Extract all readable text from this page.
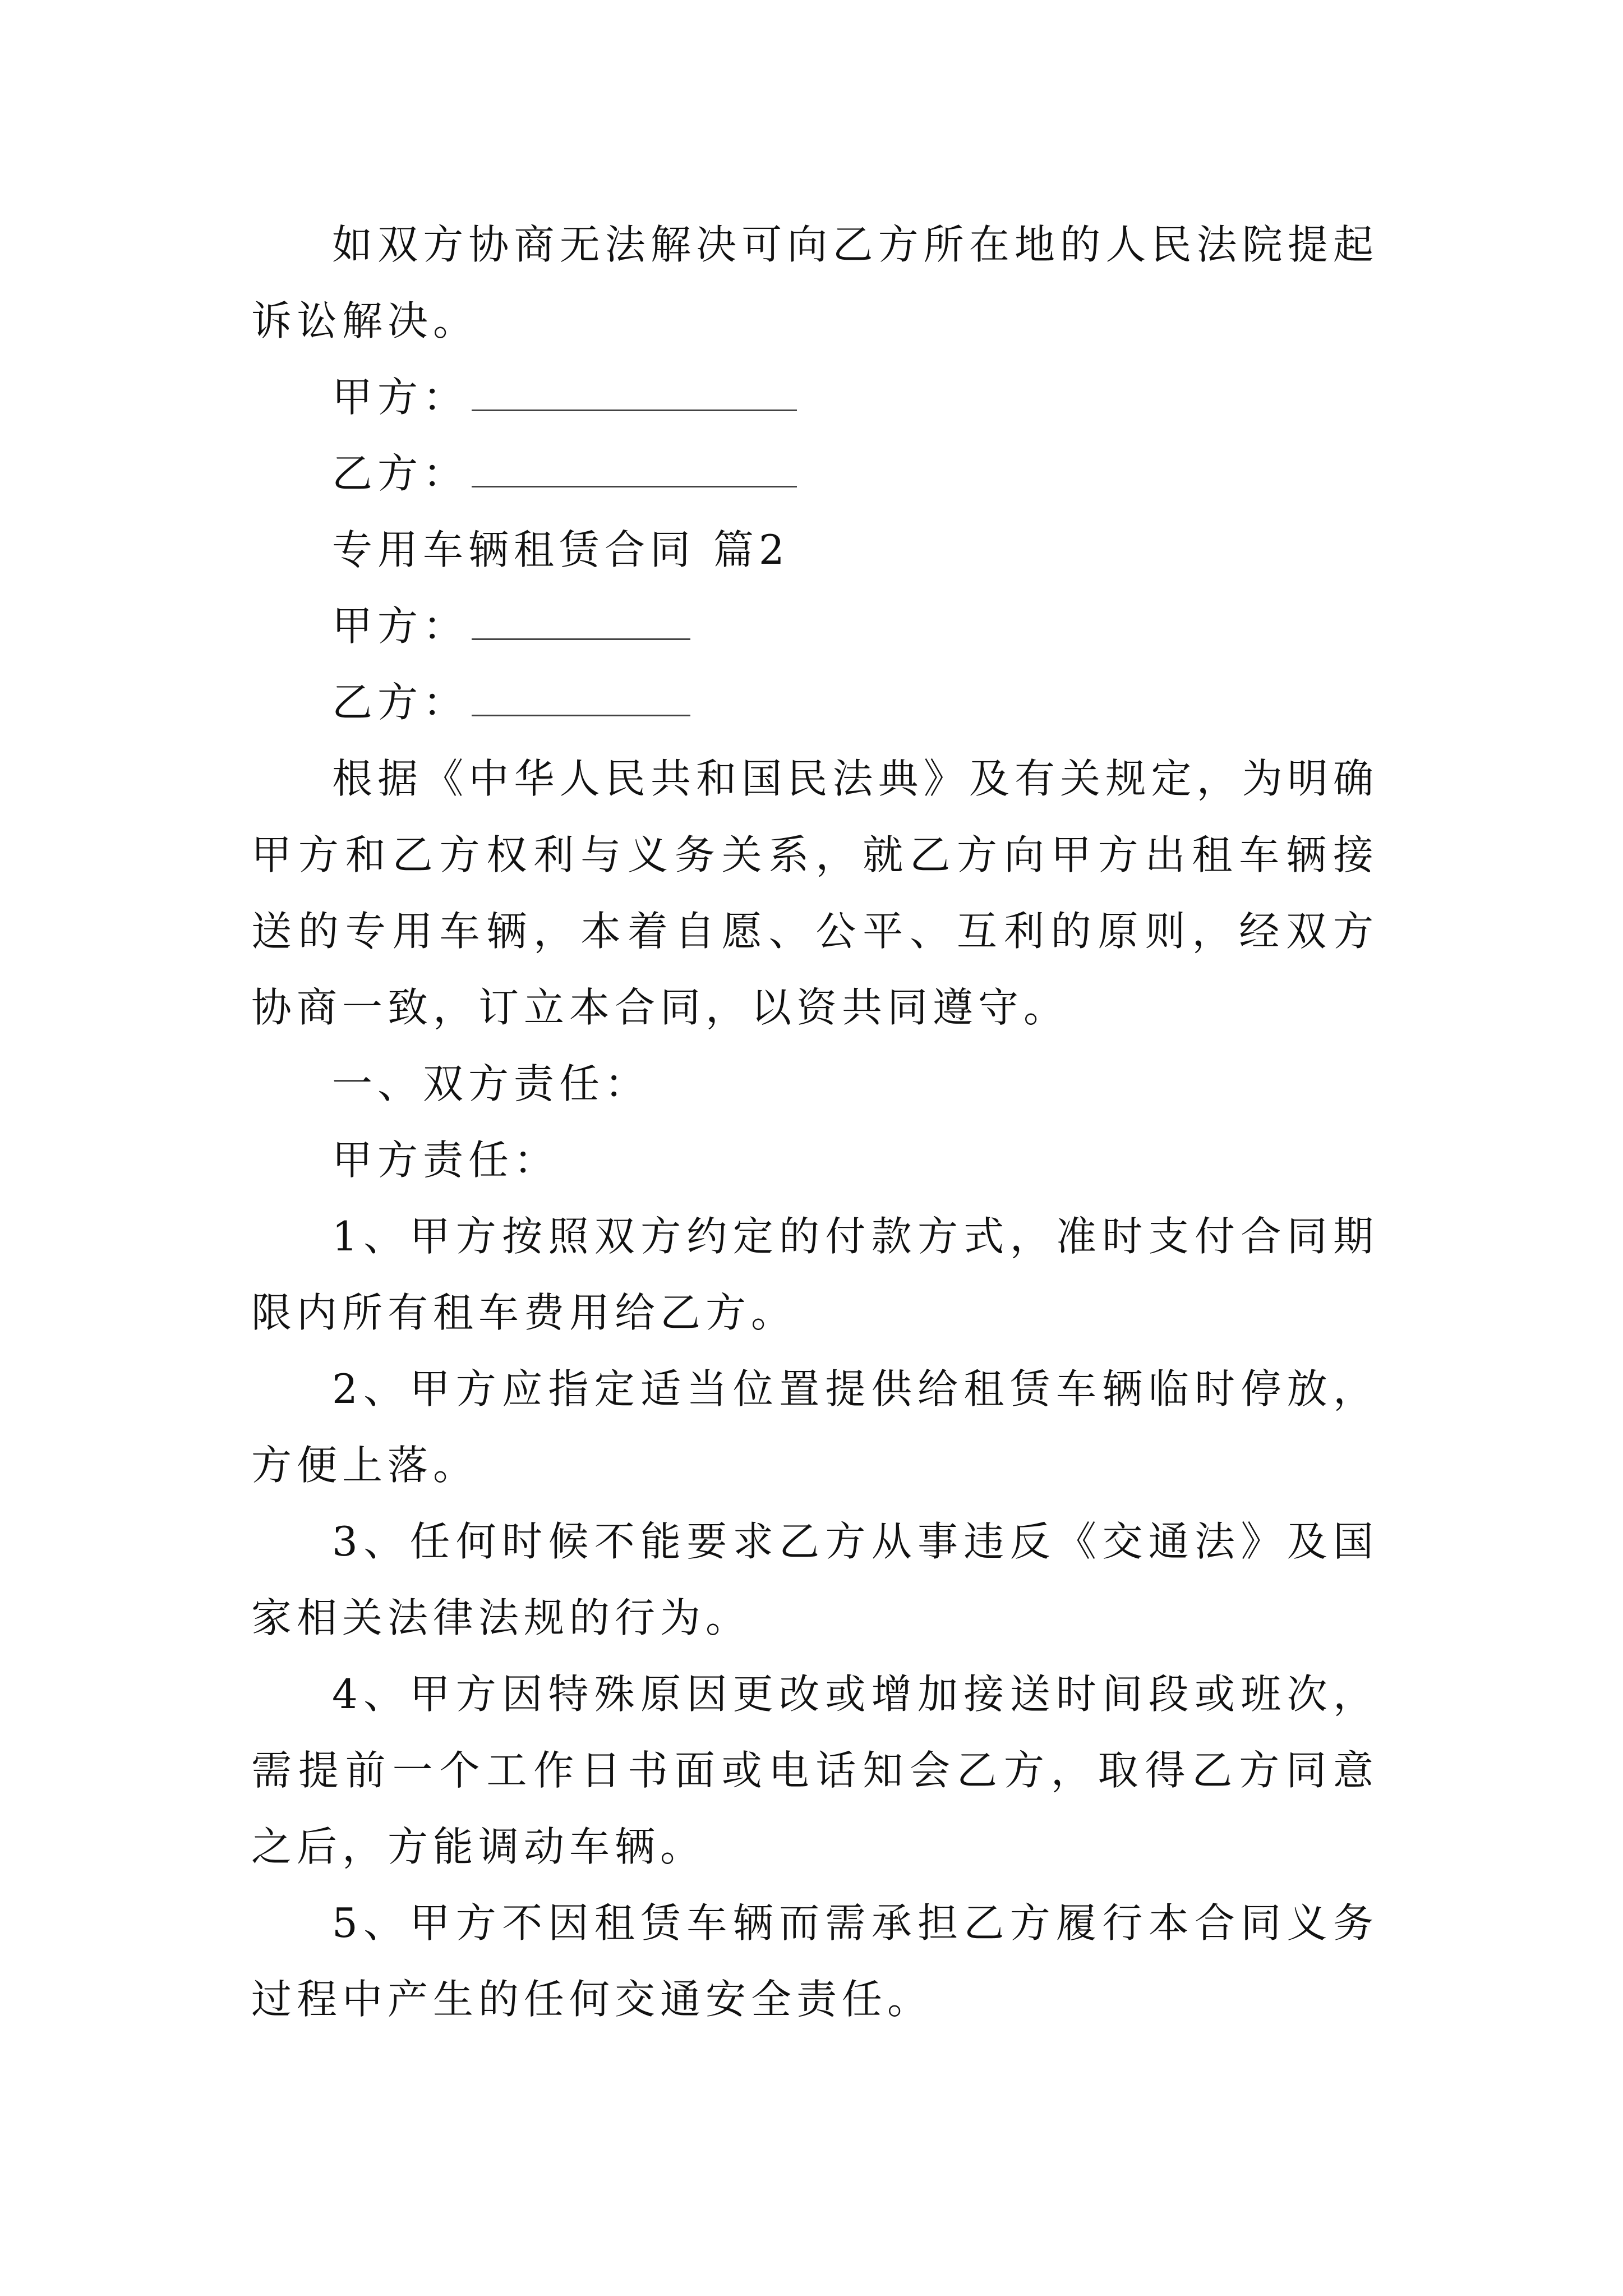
如双方协商无法解决可向乙方所在地的人民法院提起诉讼解决。

甲方：

乙方：

专用车辆租赁合同 篇2

甲方：

乙方：

根据《中华人民共和国民法典》及有关规定，为明确甲方和乙方权利与义务关系，就乙方向甲方出租车辆接送的专用车辆，本着自愿、公平、互利的原则，经双方协商一致，订立本合同，以资共同遵守。

一、双方责任：

甲方责任：

1、甲方按照双方约定的付款方式，准时支付合同期限内所有租车费用给乙方。

2、甲方应指定适当位置提供给租赁车辆临时停放，方便上落。

3、任何时候不能要求乙方从事违反《交通法》及国家相关法律法规的行为。

4、甲方因特殊原因更改或增加接送时间段或班次，需提前一个工作日书面或电话知会乙方，取得乙方同意之后，方能调动车辆。

5、甲方不因租赁车辆而需承担乙方履行本合同义务过程中产生的任何交通安全责任。
